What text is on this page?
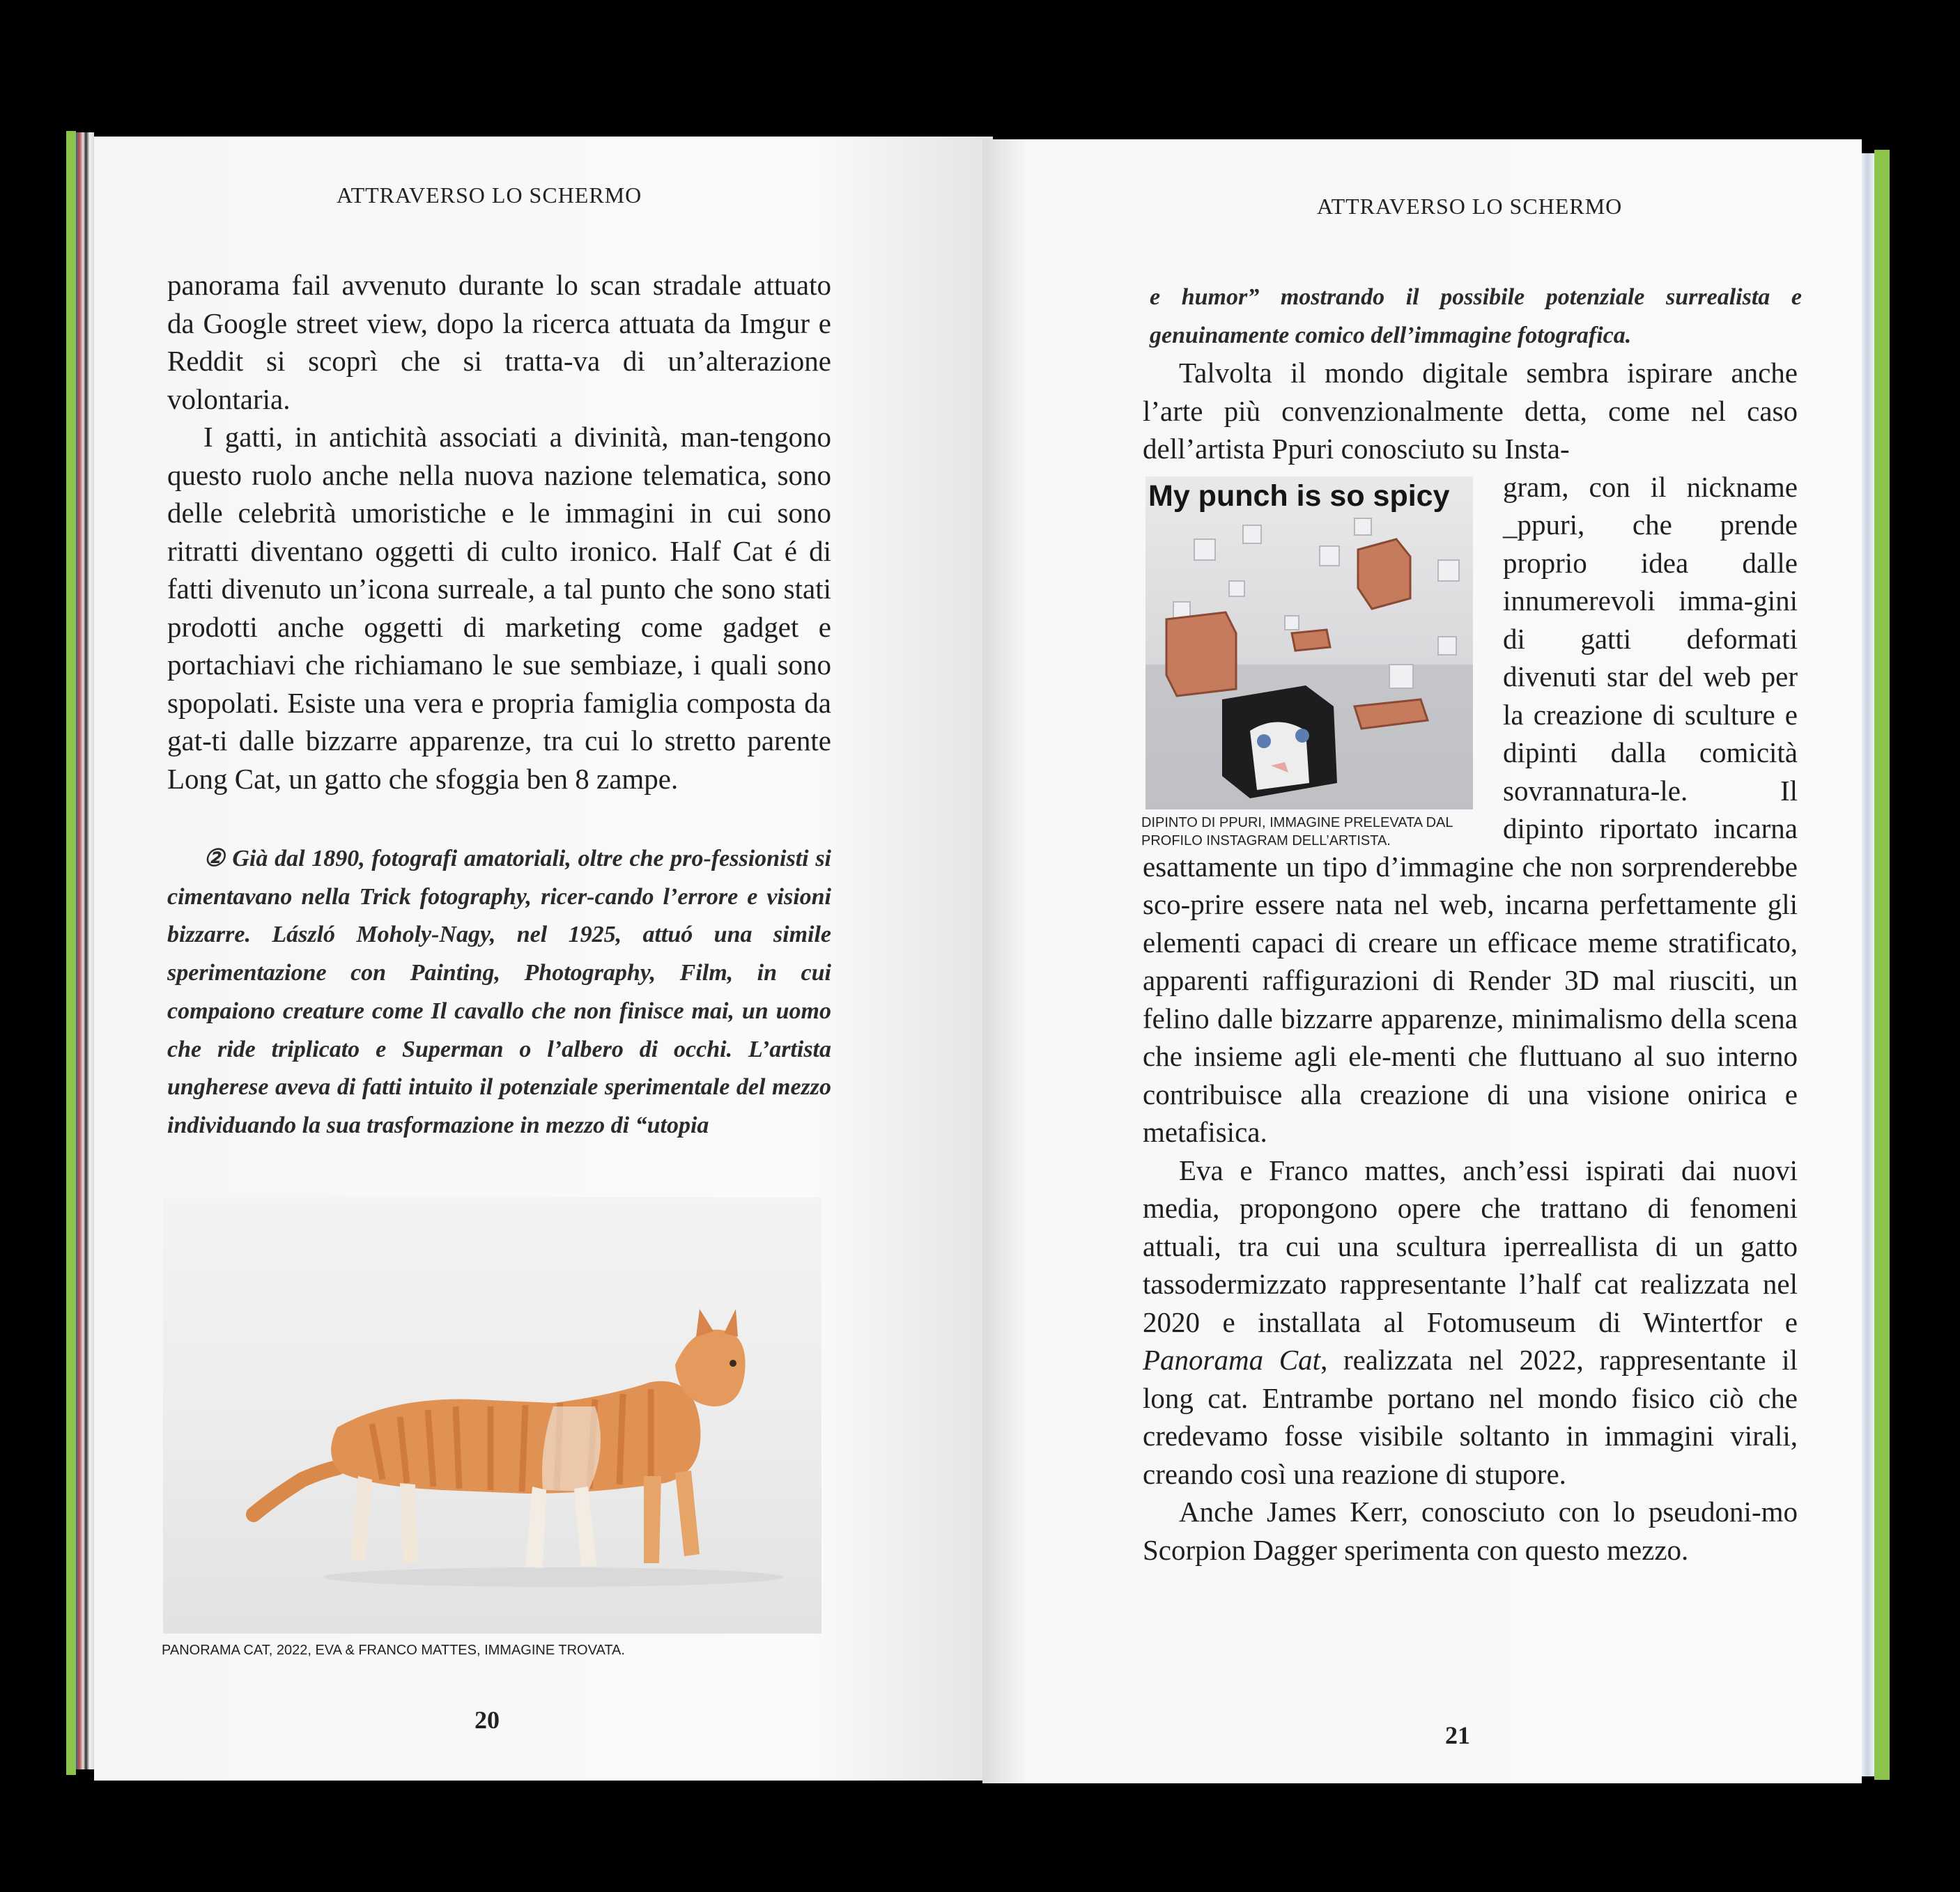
ATTRAVERSO LO SCHERMO

panorama fail avvenuto durante lo scan stradale attuato da Google street view, dopo la ricerca attuata da Imgur e Reddit si scoprì che si tratta-va di un’alterazione volontaria.

I gatti, in antichità associati a divinità, man-tengono questo ruolo anche nella nuova nazione telematica, sono delle celebrità umoristiche e le immagini in cui sono ritratti diventano oggetti di culto ironico. Half Cat é di fatti divenuto un’icona surreale, a tal punto che sono stati prodotti anche oggetti di marketing come gadget e portachiavi che richiamano le sue sembiaze, i quali sono spopolati. Esiste una vera e propria famiglia composta da gat-ti dalle bizzarre apparenze, tra cui lo stretto parente Long Cat, un gatto che sfoggia ben 8 zampe.

② Già dal 1890, fotografi amatoriali, oltre che pro-fessionisti si cimentavano nella Trick fotography, ricer-cando l’errore e visioni bizzarre. László Moholy-Nagy, nel 1925, attuó una simile sperimentazione con Painting, Photography, Film, in cui compaiono creature come Il cavallo che non finisce mai, un uomo che ride triplicato e Superman o l’albero di occhi. L’artista ungherese aveva di fatti intuito il potenziale sperimentale del mezzo individuando la sua trasformazione in mezzo di “utopia

PANORAMA CAT, 2022, EVA & FRANCO MATTES, IMMAGINE TROVATA.
20
ATTRAVERSO LO SCHERMO

e humor” mostrando il possibile potenziale surrealista e genuinamente comico dell’immagine fotografica.

Talvolta il mondo digitale sembra ispirare anche l’arte più convenzionalmente detta, come nel caso dell’artista Ppuri conosciuto su Insta-

gram, con il nickname _ppuri, che prende proprio idea dalle innumerevoli imma-gini di gatti deformati divenuti star del web per la creazione di sculture e dipinti dalla comicità sovrannatura-le. Il dipinto riportato incarna esattamente un tipo d’immagine che non sorprenderebbe sco-prire essere nata nel web, incarna perfettamente gli elementi capaci di creare un efficace meme stratificato, apparenti raffigurazioni di Render 3D mal riusciti, un felino dalle bizzarre apparenze, minimalismo della scena che insieme agli ele-menti che fluttuano al suo interno contribuisce alla creazione di una visione onirica e metafisica.

Eva e Franco mattes, anch’essi ispirati dai nuovi media, propongono opere che trattano di fenomeni attuali, tra cui una scultura iperreallista di un gatto tassodermizzato rappresentante l’half cat realizzata nel 2020 e installata al Fotomuseum di Wintertfor e Panorama Cat, realizzata nel 2022, rappresentante il long cat. Entrambe portano nel mondo fisico ciò che credevamo fosse visibile soltanto in immagini virali, creando così una reazione di stupore.

Anche James Kerr, conosciuto con lo pseudoni-mo Scorpion Dagger sperimenta con questo mezzo.

My punch is so spicy
DIPINTO DI PPURI, IMMAGINE PRELEVATA DAL PROFILO INSTAGRAM DELL’ARTISTA.
21
